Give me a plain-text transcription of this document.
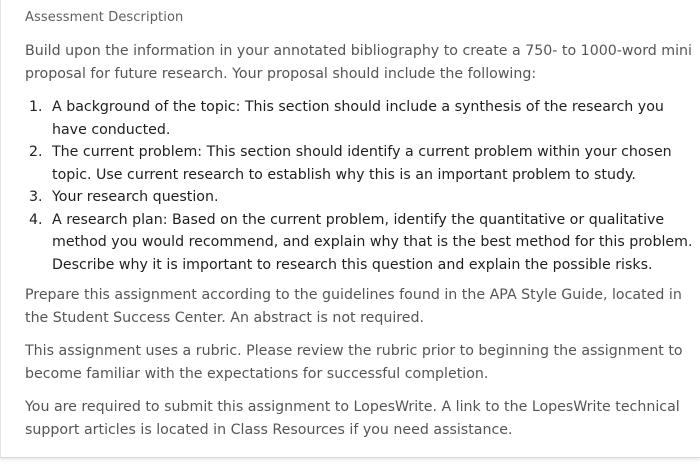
Assessment Description

Build upon the information in your annotated bibliography to create a 750- to 1000-word mini proposal for future research. Your proposal should include the following:

1. A background of the topic: This section should include a synthesis of the research you have conducted.
2. The current problem: This section should identify a current problem within your chosen topic. Use current research to establish why this is an important problem to study.
3. Your research question.
4. A research plan: Based on the current problem, identify the quantitative or qualitative method you would recommend, and explain why that is the best method for this problem. Describe why it is important to research this question and explain the possible risks.

Prepare this assignment according to the guidelines found in the APA Style Guide, located in the Student Success Center. An abstract is not required.

This assignment uses a rubric. Please review the rubric prior to beginning the assignment to become familiar with the expectations for successful completion.

You are required to submit this assignment to LopesWrite. A link to the LopesWrite technical support articles is located in Class Resources if you need assistance.
